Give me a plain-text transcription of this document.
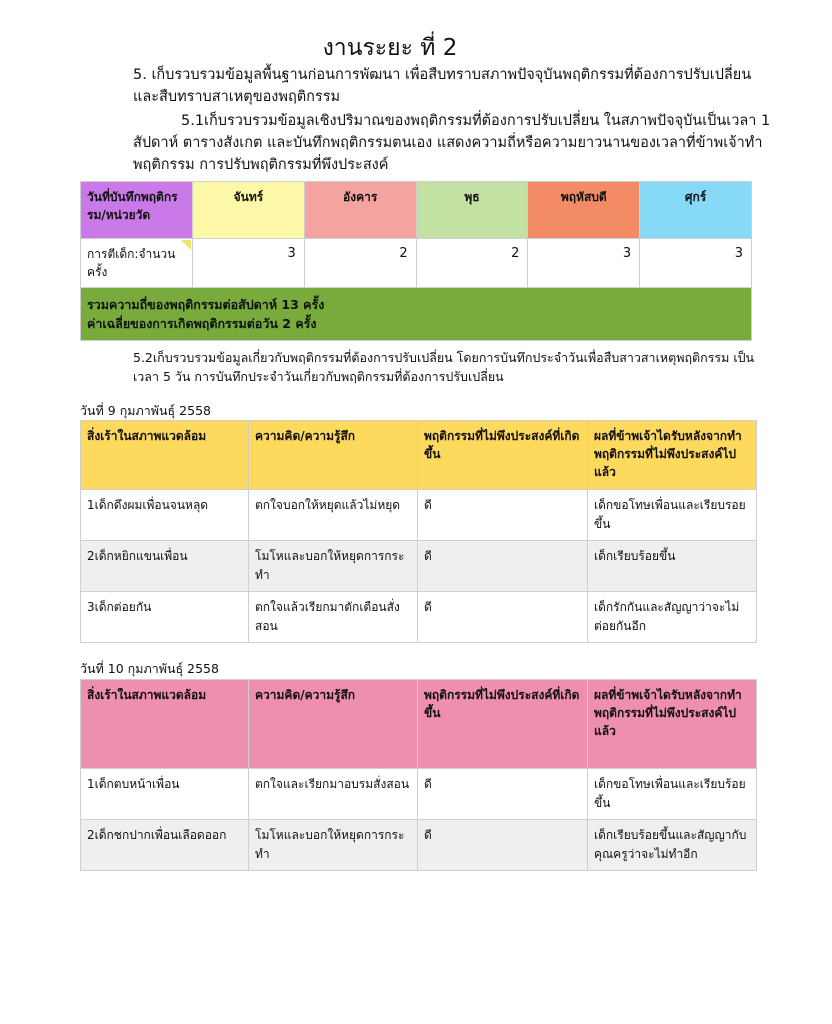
งานระยะ ที่ 2
5. เก็บรวบรวมข้อมูลพื้นฐานก่อนการพัฒนา เพื่อสืบทราบสภาพปัจจุบันพฤติกรรมที่ต้องการปรับเปลี่ยนและสืบทราบสาเหตุของพฤติกรรม
5.1เก็บรวบรวมข้อมูลเชิงปริมาณของพฤติกรรมที่ต้องการปรับเปลี่ยน ในสภาพปัจจุบันเป็นเวลา 1 สัปดาห์ ตารางสังเกต และบันทึกพฤติกรรมตนเอง แสดงความถี่หรือความยาวนานของเวลาที่ข้าพเจ้าทำพฤติกรรม การปรับพฤติกรรมที่พึงประสงค์
วันที่บันทึกพฤติกรรม/หน่วยวัด	จันทร์	อังคาร	พุธ	พฤหัสบดี	ศุกร์
การตีเด็ก:จำนวนครั้ง	3	2	2	3	3
รวมความถี่ของพฤติกรรมต่อสัปดาห์ 13 ครั้ง
ค่าเฉลี่ยของการเกิดพฤติกรรมต่อวัน 2 ครั้ง					
5.2เก็บรวบรวมข้อมูลเกี่ยวกับพฤติกรรมที่ต้องการปรับเปลี่ยน โดยการบันทึกประจำวันเพื่อสืบสาวสาเหตุพฤติกรรม เป็นเวลา 5 วัน การบันทึกประจำวันเกี่ยวกับพฤติกรรมที่ต้องการปรับเปลี่ยน
วันที่ 9 กุมภาพันธุ์ 2558
สิ่งเร้าในสภาพแวดล้อม	ความคิด/ความรู้สึก	พฤติกรรมที่ไม่พึงประสงค์ที่เกิดขึ้น	ผลที่ข้าพเจ้าไดรับหลังจากทำพฤติกรรมที่ไม่พึงประสงค์ไปแล้ว
1เด็กดึงผมเพื่อนจนหลุด	ตกใจบอกให้หยุดแล้วไม่หยุด	ดี	เด็กขอโทษเพื่อนและเรียบรอยขึ้น
2เด็กหยิกแขนเพื่อน	โมโหและบอกให้หยุดการกระทำ	ดี	เด็กเรียบร้อยขึ้น
3เด็กต่อยกัน	ตกใจแล้วเรียกมาตักเตือนสั่งสอน	ดี	เด็กรักกันและสัญญาว่าจะไม่ต่อยกันอีก
วันที่ 10 กุมภาพันธุ์ 2558
สิ่งเร้าในสภาพแวดล้อม	ความคิด/ความรู้สึก	พฤติกรรมที่ไม่พึงประสงค์ที่เกิดขึ้น	ผลที่ข้าพเจ้าไดรับหลังจากทำพฤติกรรมที่ไม่พึงประสงค์ไปแล้ว
1เด็กตบหน้าเพื่อน	ตกใจและเรียกมาอบรมสั่งสอน	ดี	เด็กขอโทษเพื่อนและเรียบร้อยขึ้น
2เด็กชกปากเพื่อนเลือดออก	โมโหและบอกให้หยุดการกระทำ	ดี	เด็กเรียบร้อยขึ้นและสัญญากับคุณครูว่าจะไม่ทำอีก
